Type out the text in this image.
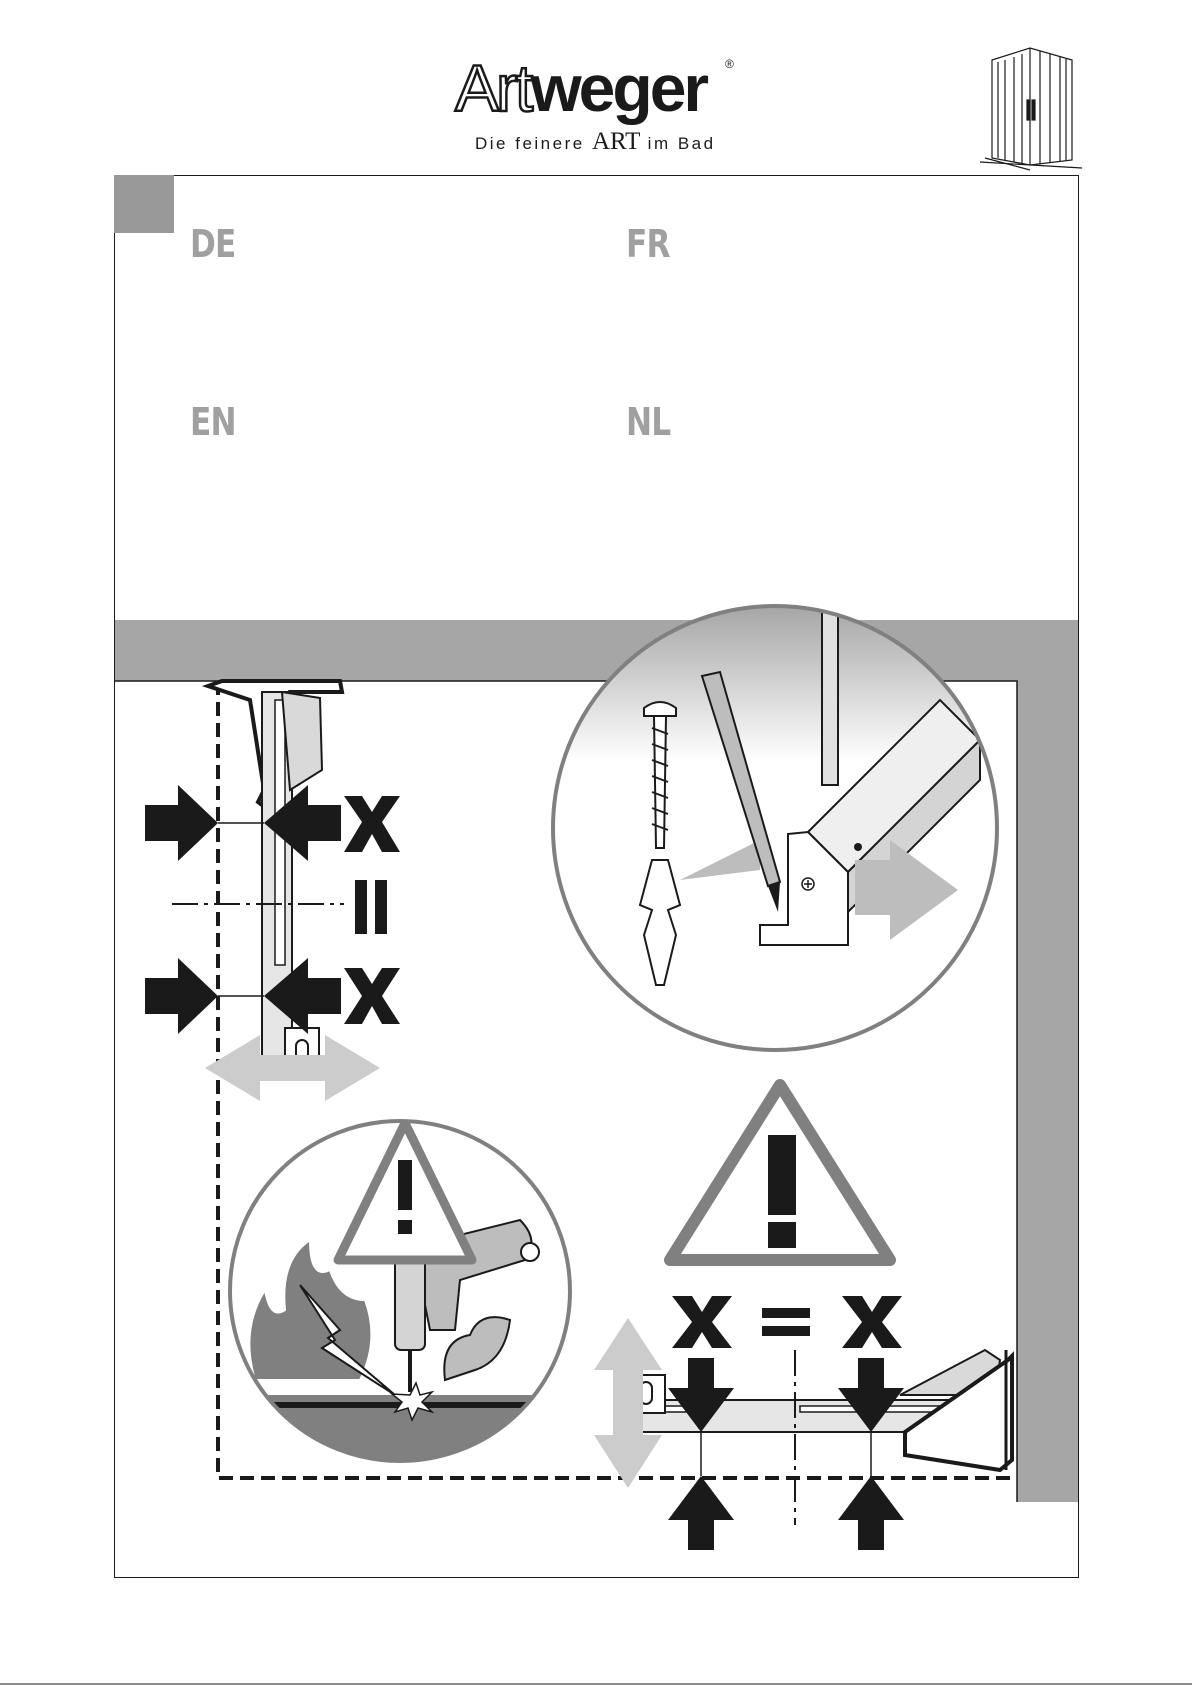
Artweger ®
Die feinere ART im Bad
DE	FR
EN	NL
